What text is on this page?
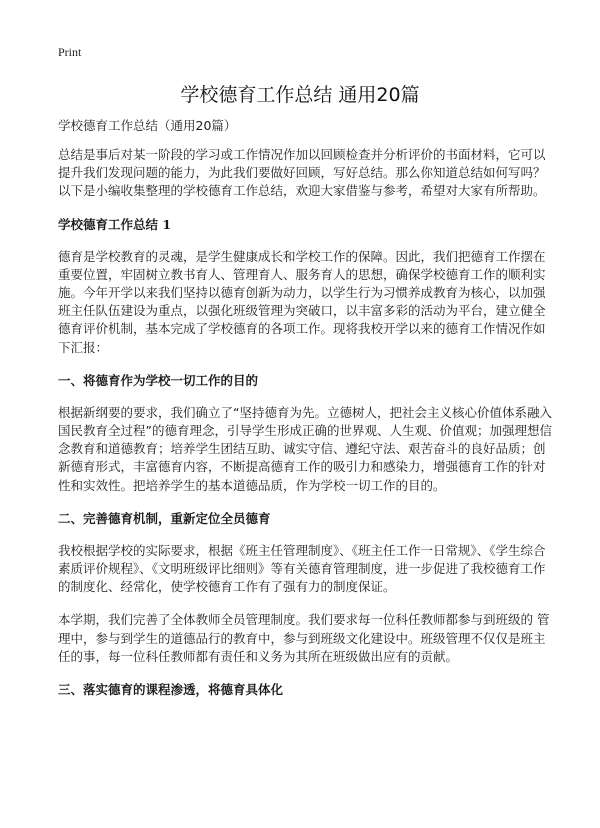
Print
学校德育工作总结 通用20篇

学校德育工作总结（通用20篇）

总结是事后对某一阶段的学习或工作情况作加以回顾检查并分析评价的书面材料，它可以提升我们发现问题的能力，为此我们要做好回顾，写好总结。那么你知道总结如何写吗？以下是小编收集整理的学校德育工作总结，欢迎大家借鉴与参考，希望对大家有所帮助。

学校德育工作总结 1

德育是学校教育的灵魂，是学生健康成长和学校工作的保障。因此，我们把德育工作摆在重要位置，牢固树立教书育人、管理育人、服务育人的思想，确保学校德育工作的顺利实施。今年开学以来我们坚持以德育创新为动力，以学生行为习惯养成教育为核心，以加强班主任队伍建设为重点，以强化班级管理为突破口，以丰富多彩的活动为平台，建立健全德育评价机制，基本完成了学校德育的各项工作。现将我校开学以来的德育工作情况作如下汇报：

一、将德育作为学校一切工作的目的

根据新纲要的要求，我们确立了“坚持德育为先。立德树人，把社会主义核心价值体系融入国民教育全过程”的德育理念，引导学生形成正确的世界观、人生观、价值观；加强理想信念教育和道德教育；培养学生团结互助、诚实守信、遵纪守法、艰苦奋斗的良好品质；创新德育形式，丰富德育内容，不断提高德育工作的吸引力和感染力，增强德育工作的针对性和实效性。把培养学生的基本道德品质，作为学校一切工作的目的。

二、完善德育机制，重新定位全员德育

我校根据学校的实际要求，根据《班主任管理制度》、《班主任工作一日常规》、《学生综合素质评价规程》、《文明班级评比细则》等有关德育管理制度，进一步促进了我校德育工作的制度化、经常化，使学校德育工作有了强有力的制度保证。

本学期，我们完善了全体教师全员管理制度。我们要求每一位科任教师都参与到班级的 管理中，参与到学生的道德品行的教育中，参与到班级文化建设中。班级管理不仅仅是班主任的事，每一位科任教师都有责任和义务为其所在班级做出应有的贡献。

三、落实德育的课程渗透，将德育具体化
